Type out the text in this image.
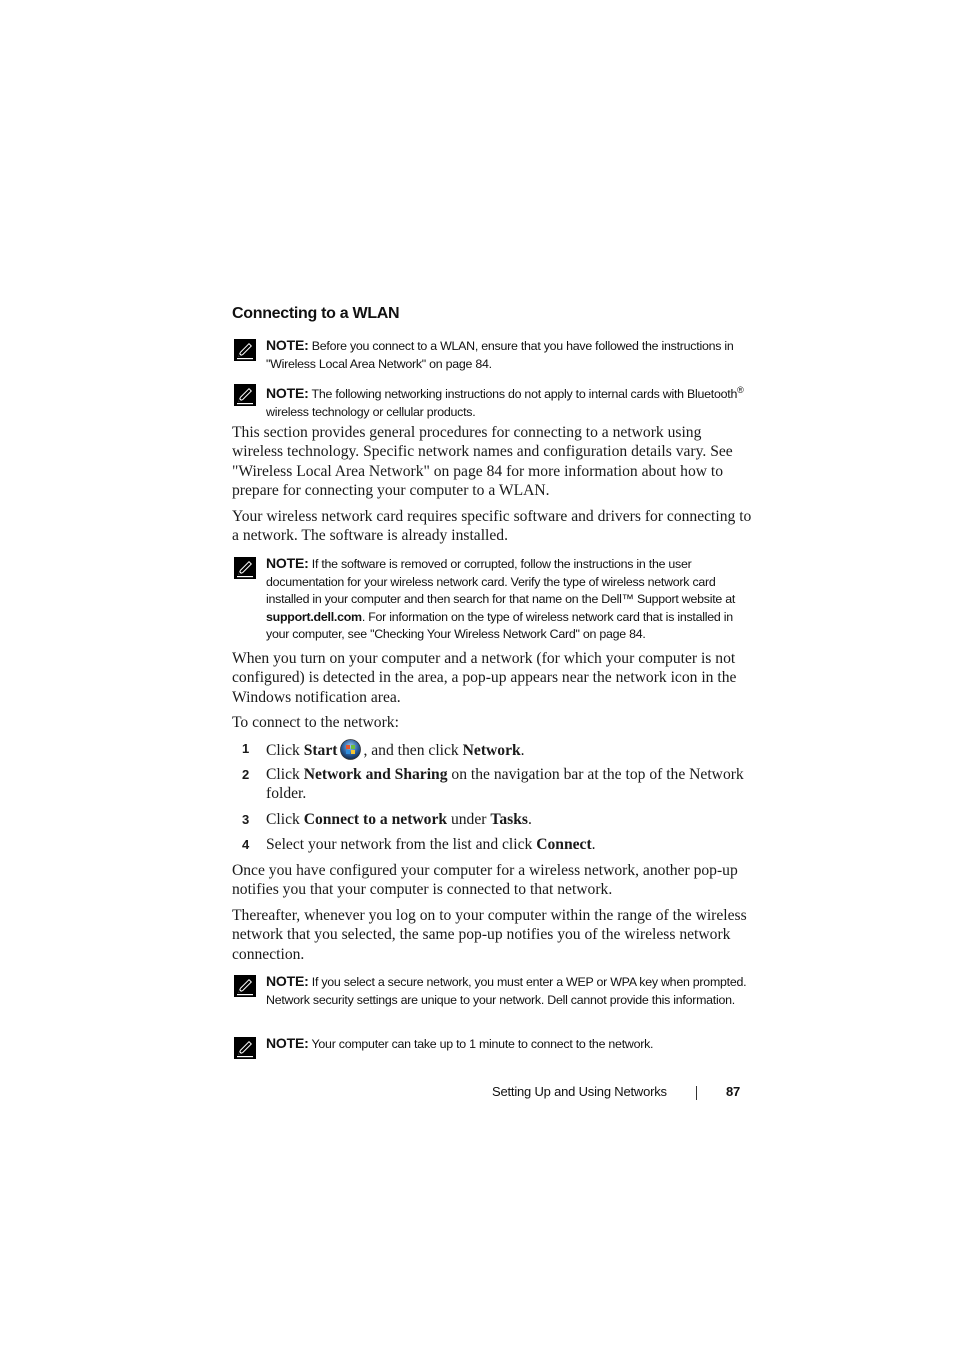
Connecting to a WLAN
NOTE: Before you connect to a WLAN, ensure that you have followed the instructions in "Wireless Local Area Network" on page 84.
NOTE: The following networking instructions do not apply to internal cards with Bluetooth® wireless technology or cellular products.

This section provides general procedures for connecting to a network using wireless technology. Specific network names and configuration details vary. See "Wireless Local Area Network" on page 84 for more information about how to prepare for connecting your computer to a WLAN.

Your wireless network card requires specific software and drivers for connecting to a network. The software is already installed.

NOTE: If the software is removed or corrupted, follow the instructions in the user documentation for your wireless network card. Verify the type of wireless network card installed in your computer and then search for that name on the Dell™ Support website at support.dell.com. For information on the type of wireless network card that is installed in your computer, see "Checking Your Wireless Network Card" on page 84.

When you turn on your computer and a network (for which your computer is not configured) is detected in the area, a pop-up appears near the network icon in the Windows notification area.

To connect to the network:

1 Click Start , and then click Network.
2 Click Network and Sharing on the navigation bar at the top of the Network folder.
3 Click Connect to a network under Tasks.
4 Select your network from the list and click Connect.

Once you have configured your computer for a wireless network, another pop-up notifies you that your computer is connected to that network.

Thereafter, whenever you log on to your computer within the range of the wireless network that you selected, the same pop-up notifies you of the wireless network connection.

NOTE: If you select a secure network, you must enter a WEP or WPA key when prompted. Network security settings are unique to your network. Dell cannot provide this information.
NOTE: Your computer can take up to 1 minute to connect to the network.
Setting Up and Using Networks	87
